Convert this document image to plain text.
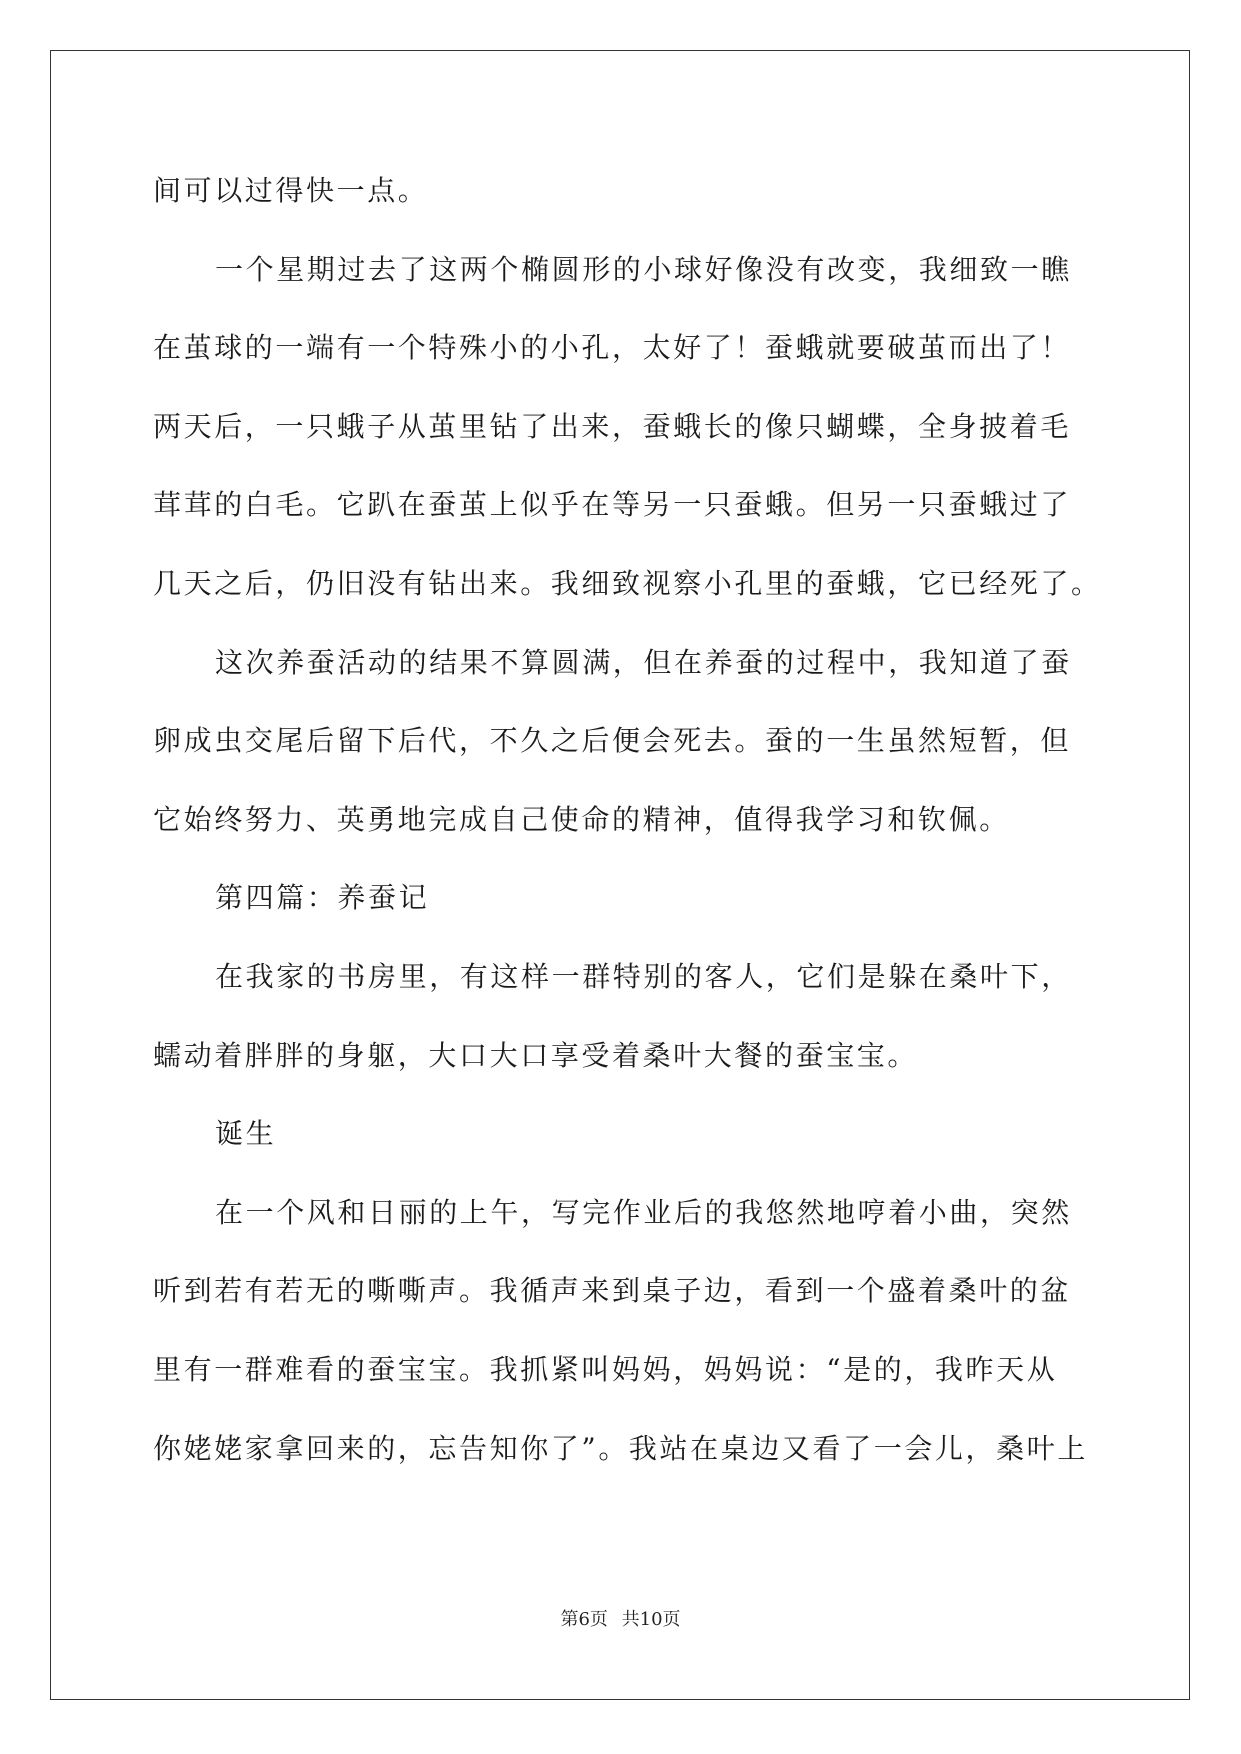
间可以过得快一点。
一个星期过去了这两个椭圆形的小球好像没有改变，我细致一瞧
在茧球的一端有一个特殊小的小孔，太好了！蚕蛾就要破茧而出了！
两天后，一只蛾子从茧里钻了出来，蚕蛾长的像只蝴蝶，全身披着毛
茸茸的白毛。它趴在蚕茧上似乎在等另一只蚕蛾。但另一只蚕蛾过了
几天之后，仍旧没有钻出来。我细致视察小孔里的蚕蛾，它已经死了。
这次养蚕活动的结果不算圆满，但在养蚕的过程中，我知道了蚕
卵成虫交尾后留下后代，不久之后便会死去。蚕的一生虽然短暂，但
它始终努力、英勇地完成自己使命的精神，值得我学习和钦佩。
第四篇：养蚕记
在我家的书房里，有这样一群特别的客人，它们是躲在桑叶下，
蠕动着胖胖的身躯，大口大口享受着桑叶大餐的蚕宝宝。
诞生
在一个风和日丽的上午，写完作业后的我悠然地哼着小曲，突然
听到若有若无的嘶嘶声。我循声来到桌子边，看到一个盛着桑叶的盆
里有一群难看的蚕宝宝。我抓紧叫妈妈，妈妈说：“是的，我昨天从
你姥姥家拿回来的，忘告知你了”。我站在桌边又看了一会儿，桑叶上
第6页 共10页
